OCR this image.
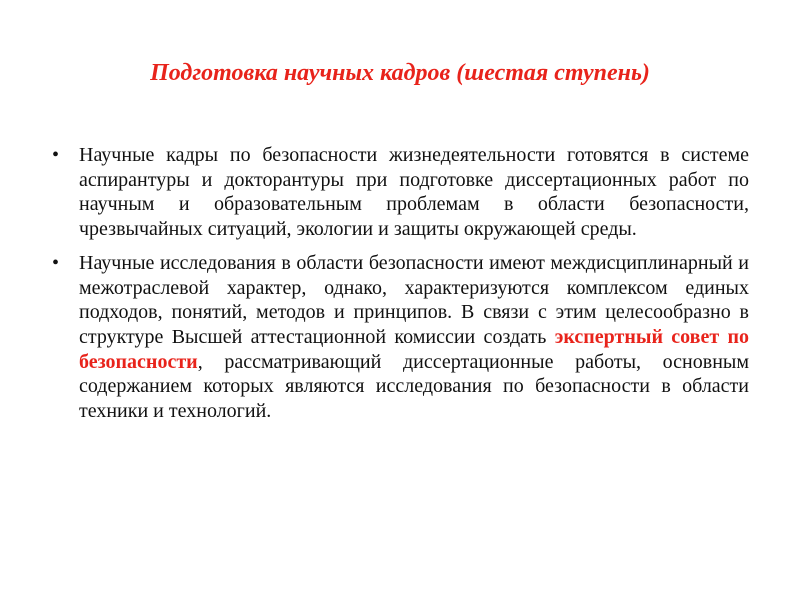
Подготовка научных кадров (шестая ступень)
• Научные кадры по безопасности жизнедеятельности готовятся в системе аспирантуры и докторантуры при подготовке диссертационных работ по научным и образовательным проблемам в области безопасности, чрезвычайных ситуаций, экологии и защиты окружающей среды.
• Научные исследования в области безопасности имеют междисциплинарный и межотраслевой характер, однако, характеризуются комплексом единых подходов, понятий, методов и принципов. В связи с этим целесообразно в структуре Высшей аттестационной комиссии создать экспертный совет по безопасности, рассматривающий диссертационные работы, основным содержанием которых являются исследования по безопасности в области техники и технологий.
